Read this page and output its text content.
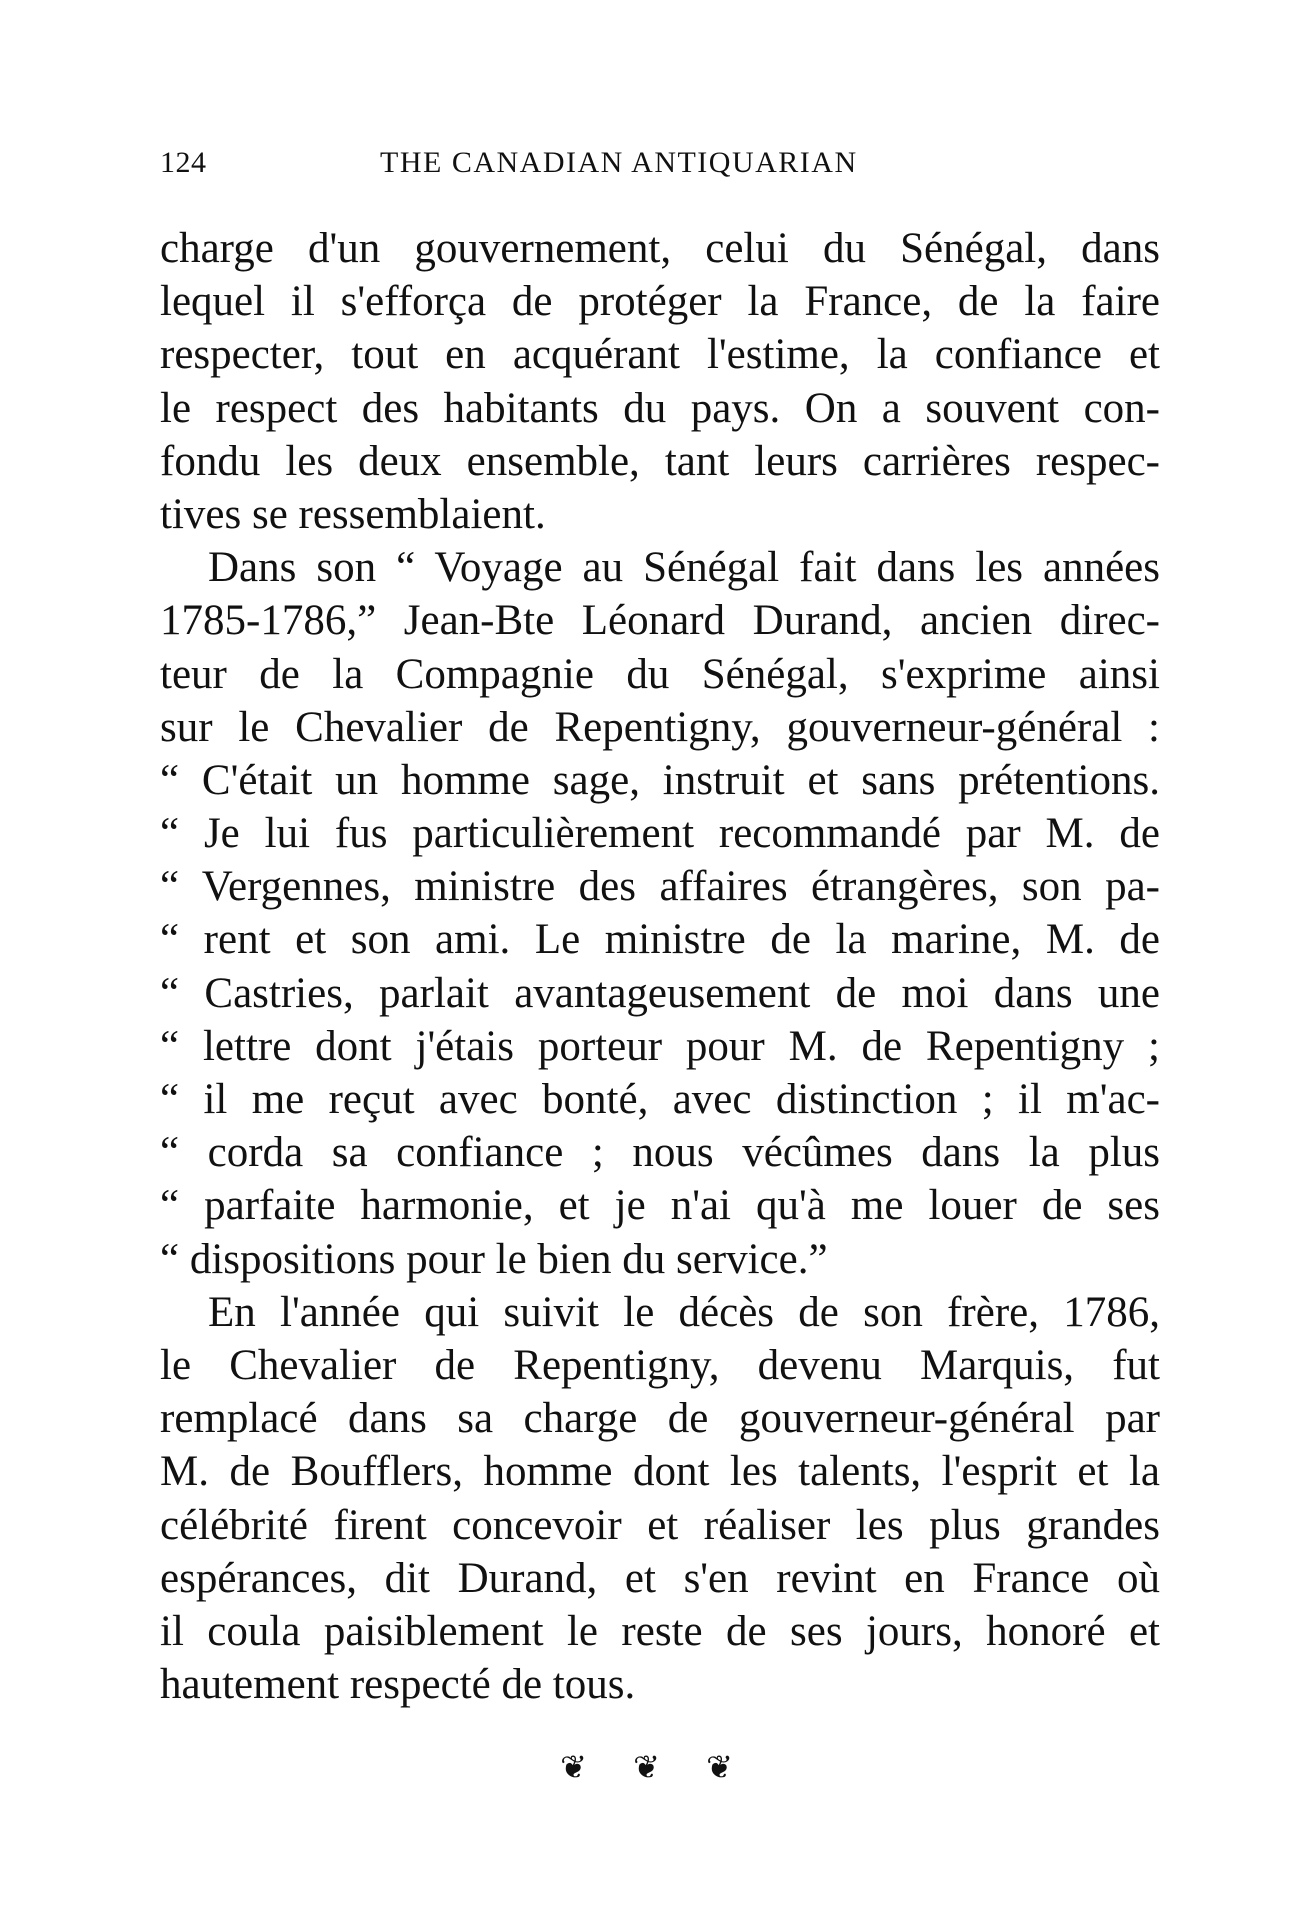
124	THE CANADIAN ANTIQUARIAN
charge d'un gouvernement, celui du Sénégal, dans
lequel il s'efforça de protéger la France, de la faire
respecter, tout en acquérant l'estime, la confiance et
le respect des habitants du pays. On a souvent con-
fondu les deux ensemble, tant leurs carrières respec-
tives se ressemblaient.
Dans son “ Voyage au Sénégal fait dans les années
1785-1786,” Jean-Bte Léonard Durand, ancien direc-
teur de la Compagnie du Sénégal, s'exprime ainsi
sur le Chevalier de Repentigny, gouverneur-général :
“ C'était un homme sage, instruit et sans prétentions.
“ Je lui fus particulièrement recommandé par M. de
“ Vergennes, ministre des affaires étrangères, son pa-
“ rent et son ami. Le ministre de la marine, M. de
“ Castries, parlait avantageusement de moi dans une
“ lettre dont j'étais porteur pour M. de Repentigny ;
“ il me reçut avec bonté, avec distinction ; il m'ac-
“ corda sa confiance ; nous vécûmes dans la plus
“ parfaite harmonie, et je n'ai qu'à me louer de ses
“ dispositions pour le bien du service.”
En l'année qui suivit le décès de son frère, 1786,
le Chevalier de Repentigny, devenu Marquis, fut
remplacé dans sa charge de gouverneur-général par
M. de Boufflers, homme dont les talents, l'esprit et la
célébrité firent concevoir et réaliser les plus grandes
espérances, dit Durand, et s'en revint en France où
il coula paisiblement le reste de ses jours, honoré et
hautement respecté de tous.
❦ ❦ ❦
